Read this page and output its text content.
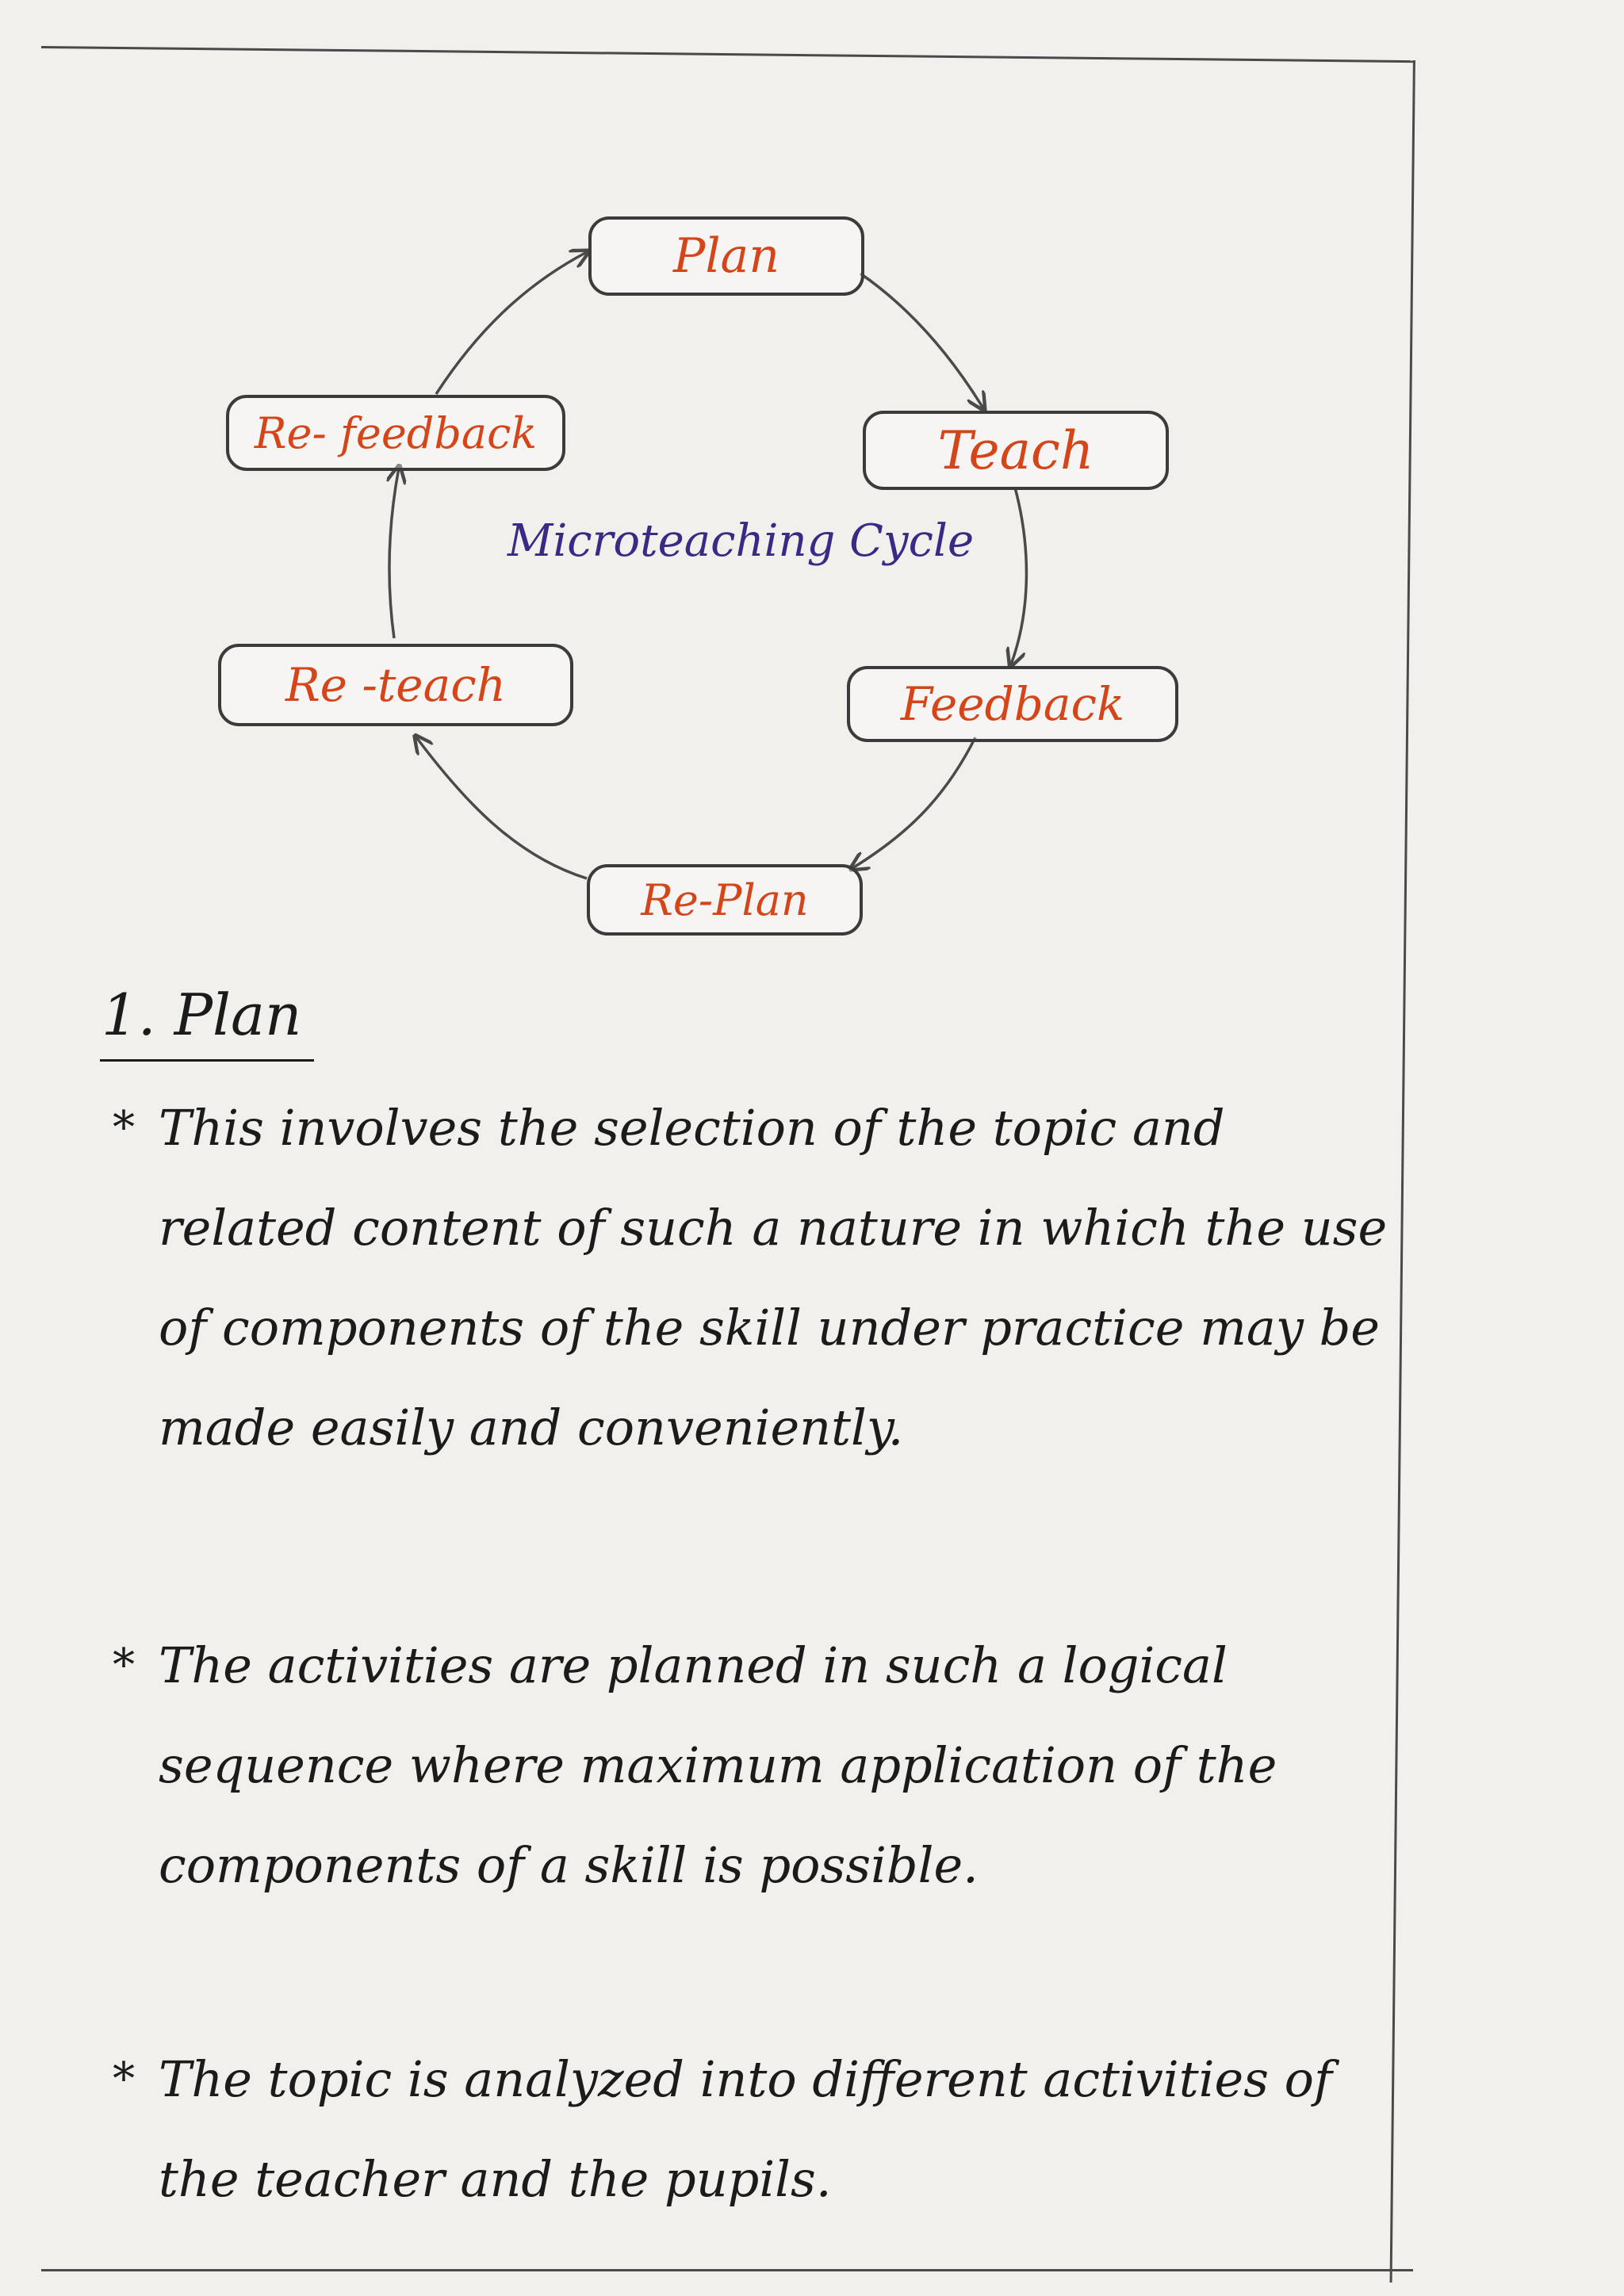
Plan
Teach
Feedback
Re-Plan
Re -teach
Re- feedback
Microteaching Cycle
1. Plan
* This involves the selection of the topic and related content of such a nature in which the use of components of the skill under practice may be made easily and conveniently.
* The activities are planned in such a logical sequence where maximum application of the components of a skill is possible.
* The topic is analyzed into different activities of the teacher and the pupils.
